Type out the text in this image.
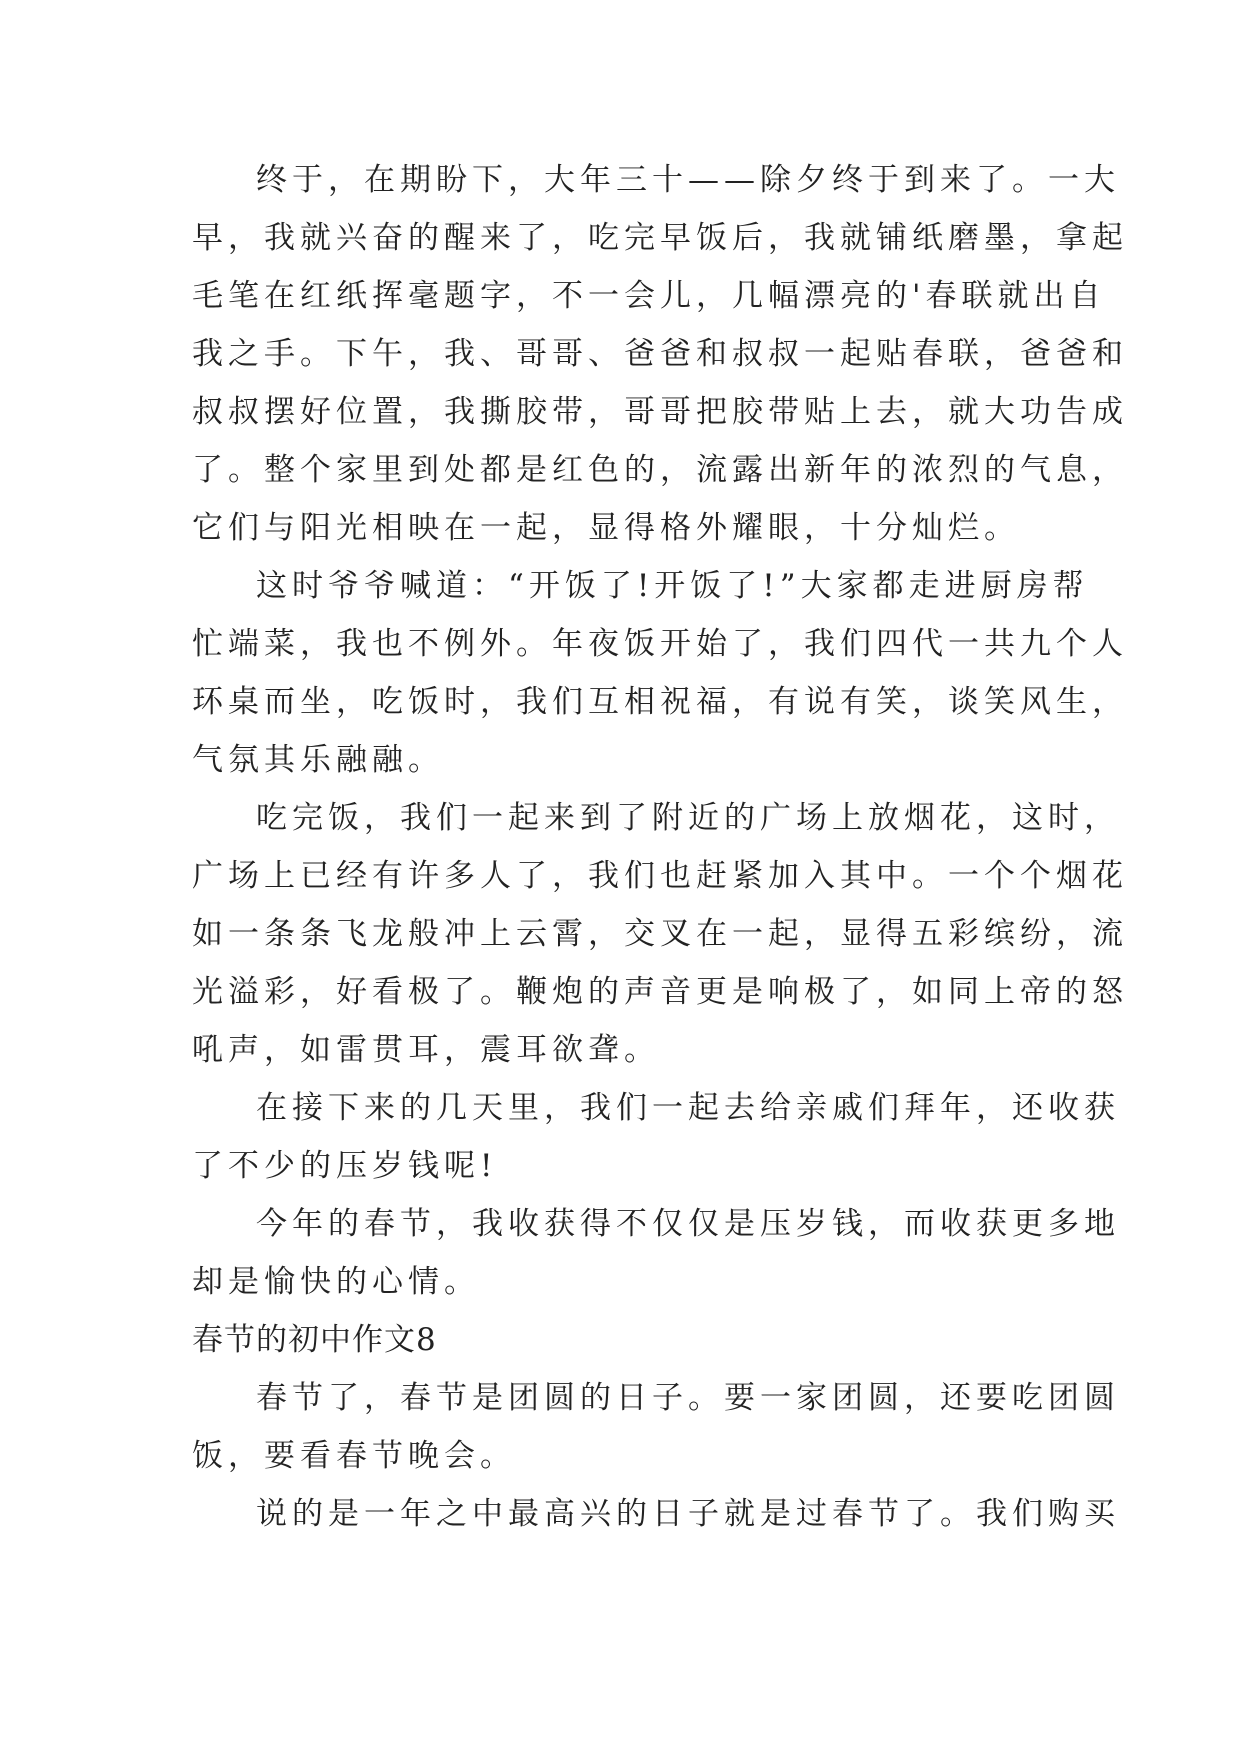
终于，在期盼下，大年三十——除夕终于到来了。一大
早，我就兴奋的醒来了，吃完早饭后，我就铺纸磨墨，拿起
毛笔在红纸挥毫题字，不一会儿，几幅漂亮的'春联就出自
我之手。下午，我、哥哥、爸爸和叔叔一起贴春联，爸爸和
叔叔摆好位置，我撕胶带，哥哥把胶带贴上去，就大功告成
了。整个家里到处都是红色的，流露出新年的浓烈的气息，
它们与阳光相映在一起，显得格外耀眼，十分灿烂。
这时爷爷喊道：“开饭了!开饭了!”大家都走进厨房帮
忙端菜，我也不例外。年夜饭开始了，我们四代一共九个人
环桌而坐，吃饭时，我们互相祝福，有说有笑，谈笑风生，
气氛其乐融融。
吃完饭，我们一起来到了附近的广场上放烟花，这时，
广场上已经有许多人了，我们也赶紧加入其中。一个个烟花
如一条条飞龙般冲上云霄，交叉在一起，显得五彩缤纷，流
光溢彩，好看极了。鞭炮的声音更是响极了，如同上帝的怒
吼声，如雷贯耳，震耳欲聋。
在接下来的几天里，我们一起去给亲戚们拜年，还收获
了不少的压岁钱呢!
今年的春节，我收获得不仅仅是压岁钱，而收获更多地
却是愉快的心情。
春节的初中作文8
春节了，春节是团圆的日子。要一家团圆，还要吃团圆
饭，要看春节晚会。
说的是一年之中最高兴的日子就是过春节了。我们购买
